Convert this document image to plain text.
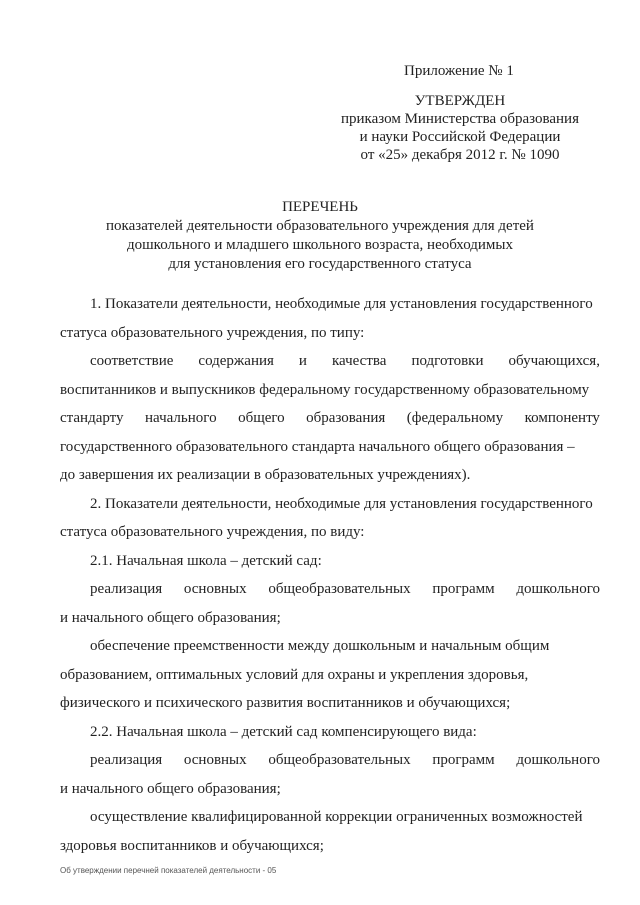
Приложение № 1
УТВЕРЖДЕН
приказом Министерства образования
и науки Российской Федерации
от «25» декабря 2012 г. № 1090
ПЕРЕЧЕНЬ
показателей деятельности образовательного учреждения для детей
дошкольного и младшего школьного возраста, необходимых
для установления его государственного статуса
1. Показатели деятельности, необходимые для установления государственного
статуса образовательного учреждения, по типу:
соответствие содержания и качества подготовки обучающихся,
воспитанников и выпускников федеральному государственному образовательному
стандарту начального общего образования (федеральному компоненту
государственного образовательного стандарта начального общего образования –
до завершения их реализации в образовательных учреждениях).
2. Показатели деятельности, необходимые для установления государственного
статуса образовательного учреждения, по виду:
2.1. Начальная школа – детский сад:
реализация основных общеобразовательных программ дошкольного
и начального общего образования;
обеспечение преемственности между дошкольным и начальным общим
образованием, оптимальных условий для охраны и укрепления здоровья,
физического и психического развития воспитанников и обучающихся;
2.2. Начальная школа – детский сад компенсирующего вида:
реализация основных общеобразовательных программ дошкольного
и начального общего образования;
осуществление квалифицированной коррекции ограниченных возможностей
здоровья воспитанников и обучающихся;
Об утверждении перечней показателей деятельности - 05
